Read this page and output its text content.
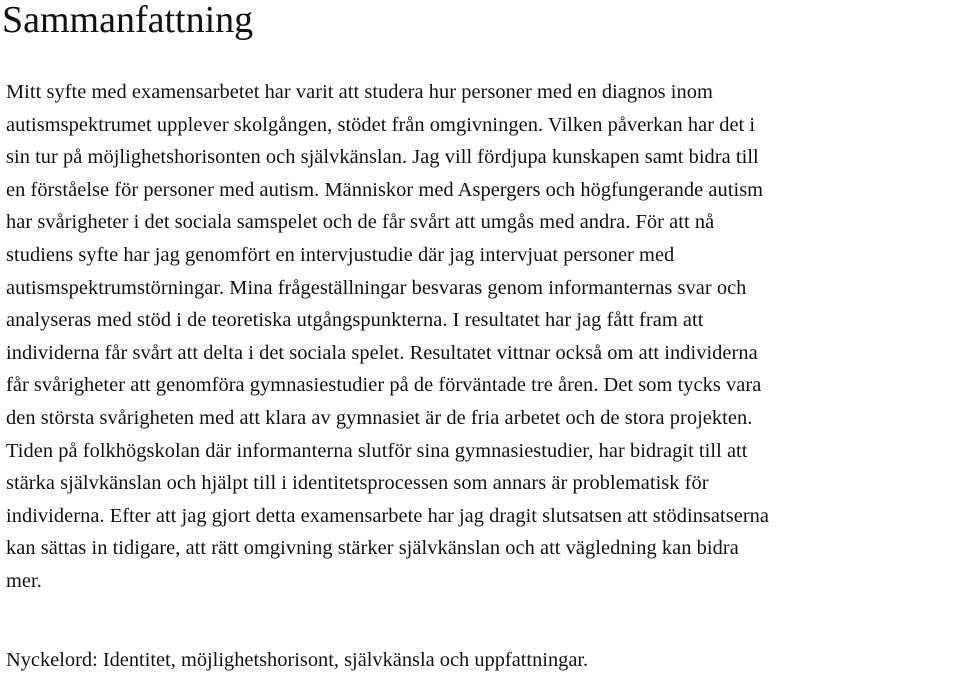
Sammanfattning

Mitt syfte med examensarbetet har varit att studera hur personer med en diagnos inom
autismspektrumet upplever skolgången, stödet från omgivningen. Vilken påverkan har det i
sin tur på möjlighetshorisonten och självkänslan. Jag vill fördjupa kunskapen samt bidra till
en förståelse för personer med autism. Människor med Aspergers och högfungerande autism
har svårigheter i det sociala samspelet och de får svårt att umgås med andra. För att nå
studiens syfte har jag genomfört en intervjustudie där jag intervjuat personer med
autismspektrumstörningar. Mina frågeställningar besvaras genom informanternas svar och
analyseras med stöd i de teoretiska utgångspunkterna. I resultatet har jag fått fram att
individerna får svårt att delta i det sociala spelet. Resultatet vittnar också om att individerna
får svårigheter att genomföra gymnasiestudier på de förväntade tre åren. Det som tycks vara
den största svårigheten med att klara av gymnasiet är de fria arbetet och de stora projekten.
Tiden på folkhögskolan där informanterna slutför sina gymnasiestudier, har bidragit till att
stärka självkänslan och hjälpt till i identitetsprocessen som annars är problematisk för
individerna. Efter att jag gjort detta examensarbete har jag dragit slutsatsen att stödinsatserna
kan sättas in tidigare, att rätt omgivning stärker självkänslan och att vägledning kan bidra
mer.

Nyckelord: Identitet, möjlighetshorisont, självkänsla och uppfattningar.
